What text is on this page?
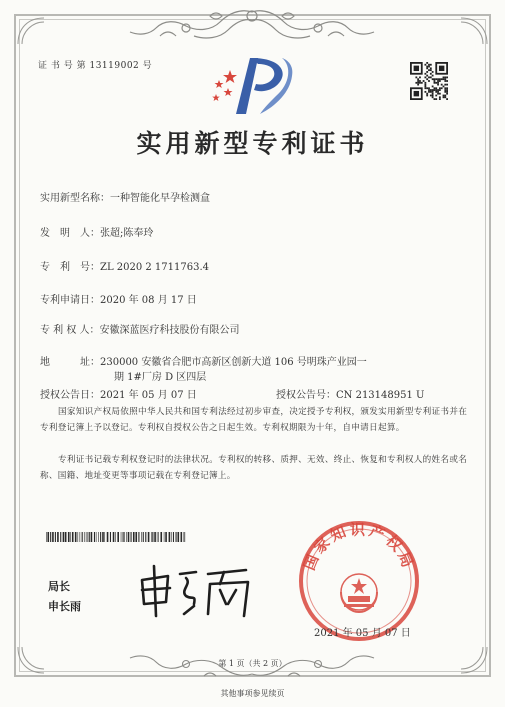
证 书 号 第 13119002 号
实用新型专利证书
实用新型名称：一种智能化早孕检测盒
发　明　人：张超;陈奉玲
专　利　号：ZL 2020 2 1711763.4
专利申请日：2020 年 08 月 17 日
专 利 权 人：安徽深蓝医疗科技股份有限公司
地　　　址：230000 安徽省合肥市高新区创新大道 106 号明珠产业园一
期 1#厂房 D 区四层
授权公告日：2021 年 05 月 07 日	授权公告号：CN 213148951 U
国家知识产权局依照中华人民共和国专利法经过初步审查，决定授予专利权，颁发实用新型专利证书并在专利登记簿上予以登记。专利权自授权公告之日起生效。专利权期限为十年，自申请日起算。
专利证书记载专利权登记时的法律状况。专利权的转移、质押、无效、终止、恢复和专利权人的姓名或名称、国籍、地址变更等事项记载在专利登记簿上。
局长
申长雨
国家知识产权局
2021 年 05 月 07 日
第 1 页（共 2 页）
其他事项参见续页
